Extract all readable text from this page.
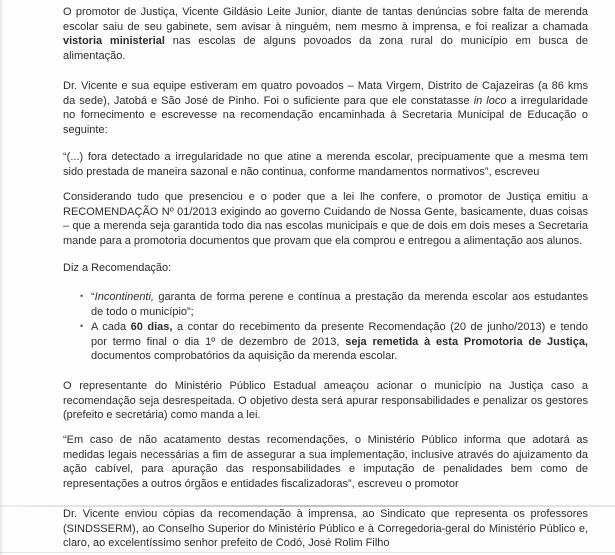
O promotor de Justiça, Vicente Gildásio Leite Junior, diante de tantas denúncias sobre falta de merenda
escolar saiu de seu gabinete, sem avisar à ninguém, nem mesmo à imprensa, e foi realizar a chamada
vistoria ministerial nas escolas de alguns povoados da zona rural do município em busca de
alimentação.
Dr. Vicente e sua equipe estiveram em quatro povoados – Mata Virgem, Distrito de Cajazeiras (a 86 kms
da sede), Jatobá e São José de Pinho. Foi o suficiente para que ele constatasse in loco a irregularidade
no fornecimento e escrevesse na recomendação encaminhada à Secretaria Municipal de Educação o
seguinte:
“(...) fora detectado a irregularidade no que atine a merenda escolar, precipuamente que a mesma tem
sido prestada de maneira sazonal e não continua, conforme mandamentos normativos”, escreveu
Considerando tudo que presenciou e o poder que a lei lhe confere, o promotor de Justiça emitiu a
RECOMENDAÇÃO Nº 01/2013 exigindo ao governo Cuidando de Nossa Gente, basicamente, duas coisas
– que a merenda seja garantida todo dia nas escolas municipais e que de dois em dois meses a Secretaria
mande para a promotoria documentos que provam que ela comprou e entregou a alimentação aos alunos.
Diz a Recomendação:
• “Incontinenti, garanta de forma perene e contínua a prestação da merenda escolar aos estudantes
de todo o município”;
• A cada 60 dias, a contar do recebimento da presente Recomendação (20 de junho/2013) e tendo
por termo final o dia 1º de dezembro de 2013, seja remetida à esta Promotoria de Justiça,
documentos comprobatórios da aquisição da merenda escolar.
O representante do Ministério Público Estadual ameaçou acionar o município na Justiça caso a
recomendação seja desrespeitada. O objetivo desta será apurar responsabilidades e penalizar os gestores
(prefeito e secretária) como manda a lei.
“Em caso de não acatamento destas recomendações, o Ministério Público informa que adotará as
medidas legais necessárias a fim de assegurar a sua implementação, inclusive através do ajuizamento da
ação cabível, para apuração das responsabilidades e imputação de penalidades bem como de
representações a outros órgãos e entidades fiscalizadoras”, escreveu o promotor
Dr. Vicente enviou cópias da recomendação à imprensa, ao Sindicato que representa os professores
(SINDSSERM), ao Conselho Superior do Ministério Público e à Corregedoria-geral do Ministério Público e,
claro, ao excelentíssimo senhor prefeito de Codó, José Rolim Filho
